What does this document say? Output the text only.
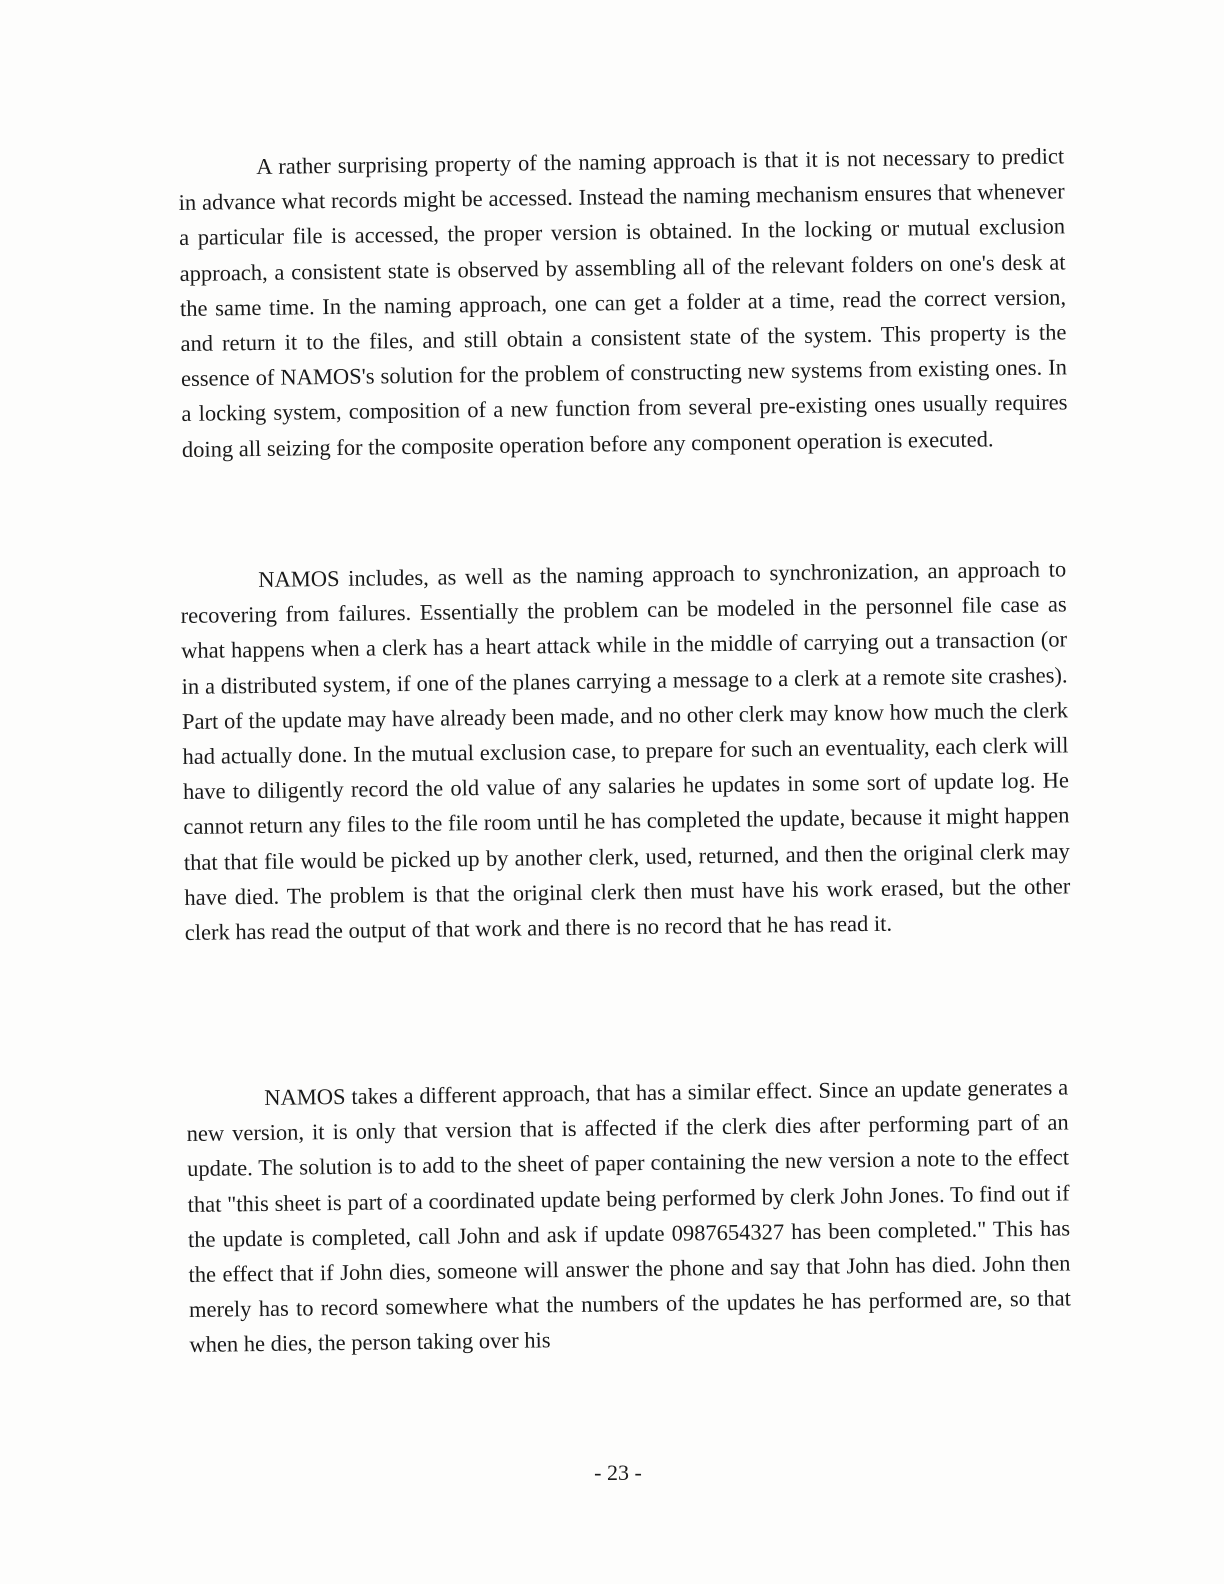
A rather surprising property of the naming approach is that it is not necessary to predict in advance what records might be accessed. Instead the naming mechanism ensures that whenever a particular file is accessed, the proper version is obtained. In the locking or mutual exclusion approach, a consistent state is observed by assembling all of the relevant folders on one's desk at the same time. In the naming approach, one can get a folder at a time, read the correct version, and return it to the files, and still obtain a consistent state of the system. This property is the essence of NAMOS's solution for the problem of constructing new systems from existing ones. In a locking system, composition of a new function from several pre-existing ones usually requires doing all seizing for the composite operation before any component operation is executed.

NAMOS includes, as well as the naming approach to synchronization, an approach to recovering from failures. Essentially the problem can be modeled in the personnel file case as what happens when a clerk has a heart attack while in the middle of carrying out a transaction (or in a distributed system, if one of the planes carrying a message to a clerk at a remote site crashes). Part of the update may have already been made, and no other clerk may know how much the clerk had actually done. In the mutual exclusion case, to prepare for such an eventuality, each clerk will have to diligently record the old value of any salaries he updates in some sort of update log. He cannot return any files to the file room until he has completed the update, because it might happen that that file would be picked up by another clerk, used, returned, and then the original clerk may have died. The problem is that the original clerk then must have his work erased, but the other clerk has read the output of that work and there is no record that he has read it.

NAMOS takes a different approach, that has a similar effect. Since an update generates a new version, it is only that version that is affected if the clerk dies after performing part of an update. The solution is to add to the sheet of paper containing the new version a note to the effect that "this sheet is part of a coordinated update being performed by clerk John Jones. To find out if the update is completed, call John and ask if update 0987654327 has been completed." This has the effect that if John dies, someone will answer the phone and say that John has died. John then merely has to record somewhere what the numbers of the updates he has performed are, so that when he dies, the person taking over his

- 23 -
